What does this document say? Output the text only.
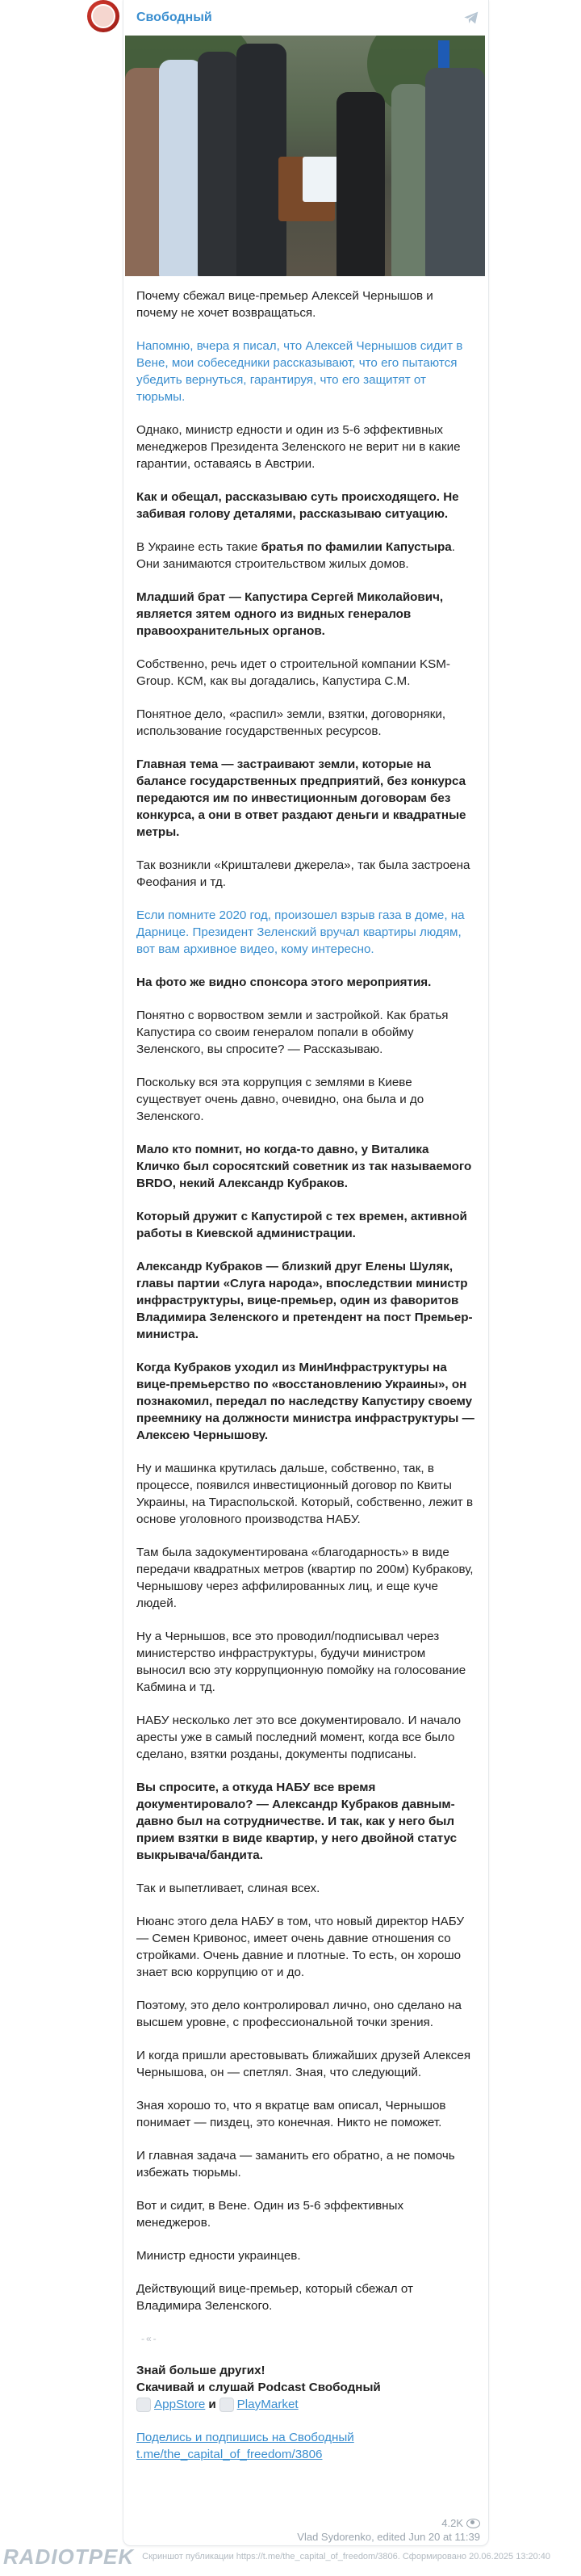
Свободный

Почему сбежал вице-премьер Алексей Чернышов и почему не хочет возвращаться.

Напомню, вчера я писал, что Алексей Чернышов сидит в Вене, мои собеседники рассказывают, что его пытаются убедить вернуться, гарантируя, что его защитят от тюрьмы.

Однако, министр едности и один из 5-6 эффективных менеджеров Президента Зеленского не верит ни в какие гарантии, оставаясь в Австрии.

Как и обещал, рассказываю суть происходящего. Не забивая голову деталями, рассказываю ситуацию.

В Украине есть такие братья по фамилии Капустыра. Они занимаются строительством жилых домов.

Младший брат — Капустира Сергей Миколайович, является зятем одного из видных генералов правоохранительных органов.

Собственно, речь идет о строительной компании KSM-Group. КСМ, как вы догадались, Капустира С.М.

Понятное дело, «распил» земли, взятки, договорняки, использование государственных ресурсов.

Главная тема — застраивают земли, которые на балансе государственных предприятий, без конкурса передаются им по инвестиционным договорам без конкурса, а они в ответ раздают деньги и квадратные метры.

Так возникли «Кришталеви джерела», так была застроена Феофания и тд.

Если помните 2020 год, произошел взрыв газа в доме, на Дарнице. Президент Зеленский вручал квартиры людям, вот вам архивное видео, кому интересно.

На фото же видно спонсора этого мероприятия.

Понятно с ворвоством земли и застройкой. Как братья Капустира со своим генералом попали в обойму Зеленского, вы спросите? — Рассказываю.

Поскольку вся эта коррупция с землями в Киеве существует очень давно, очевидно, она была и до Зеленского.

Мало кто помнит, но когда-то давно, у Виталика Кличко был соросятский советник из так называемого BRDO, некий Александр Кубраков.

Который дружит с Капустирой с тех времен, активной работы в Киевской администрации.

Александр Кубраков — близкий друг Елены Шуляк, главы партии «Слуга народа», впоследствии министр инфраструктуры, вице-премьер, один из фаворитов Владимира Зеленского и претендент на пост Премьер-министра.

Когда Кубраков уходил из МинИнфраструктуры на вице-премьерство по «восстановлению Украины», он познакомил, передал по наследству Капустиру своему преемнику на должности министра инфраструктуры — Алексею Чернышову.

Ну и машинка крутилась дальше, собственно, так, в процессе, появился инвестиционный договор по Квиты Украины, на Тираспольской. Который, собственно, лежит в основе уголовного производства НАБУ.

Там была задокументирована «благодарность» в виде передачи квадратных метров (квартир по 200м) Кубракову, Чернышову через аффилированных лиц, и еще куче людей.

Ну а Чернышов, все это проводил/подписывал через министерство инфраструктуры, будучи министром выносил всю эту коррупционную помойку на голосование Кабмина и тд.

НАБУ несколько лет это все документировало. И начало аресты уже в самый последний момент, когда все было сделано, взятки розданы, документы подписаны.

Вы спросите, а откуда НАБУ все время документировало? — Александр Кубраков давным-давно был на сотрудничестве. И так, как у него был прием взятки в виде квартир, у него двойной статус выкрывача/бандита.

Так и выпетливает, слиная всех.

Нюанс этого дела НАБУ в том, что новый директор НАБУ — Семен Кривонос, имеет очень давние отношения со стройками. Очень давние и плотные. То есть, он хорошо знает всю коррупцию от и до.

Поэтому, это дело контролировал лично, оно сделано на высшем уровне, с профессиональной точки зрения.

И когда пришли арестовывать ближайших друзей Алексея Чернышова, он — спетлял. Зная, что следующий.

Зная хорошо то, что я вкратце вам описал, Чернышов понимает — пиздец, это конечная. Никто не поможет.

И главная задача — заманить его обратно, а не помочь избежать тюрьмы.

Вот и сидит, в Вене. Один из 5-6 эффективных менеджеров.

Министр едности украинцев.

Действующий вице-премьер, который сбежал от Владимира Зеленского.

-«-
Знай больше других!
Скачивай и слушай Podcast Свободный
AppStore и PlayMarket
Поделись и подпишись на Свободный
t.me/the_capital_of_freedom/3806
4.2K
Vlad Sydorenko, edited Jun 20 at 11:39
RADIOTPEK Скриншот публикации https://t.me/the_capital_of_freedom/3806. Сформировано 20.06.2025 13:20:40
